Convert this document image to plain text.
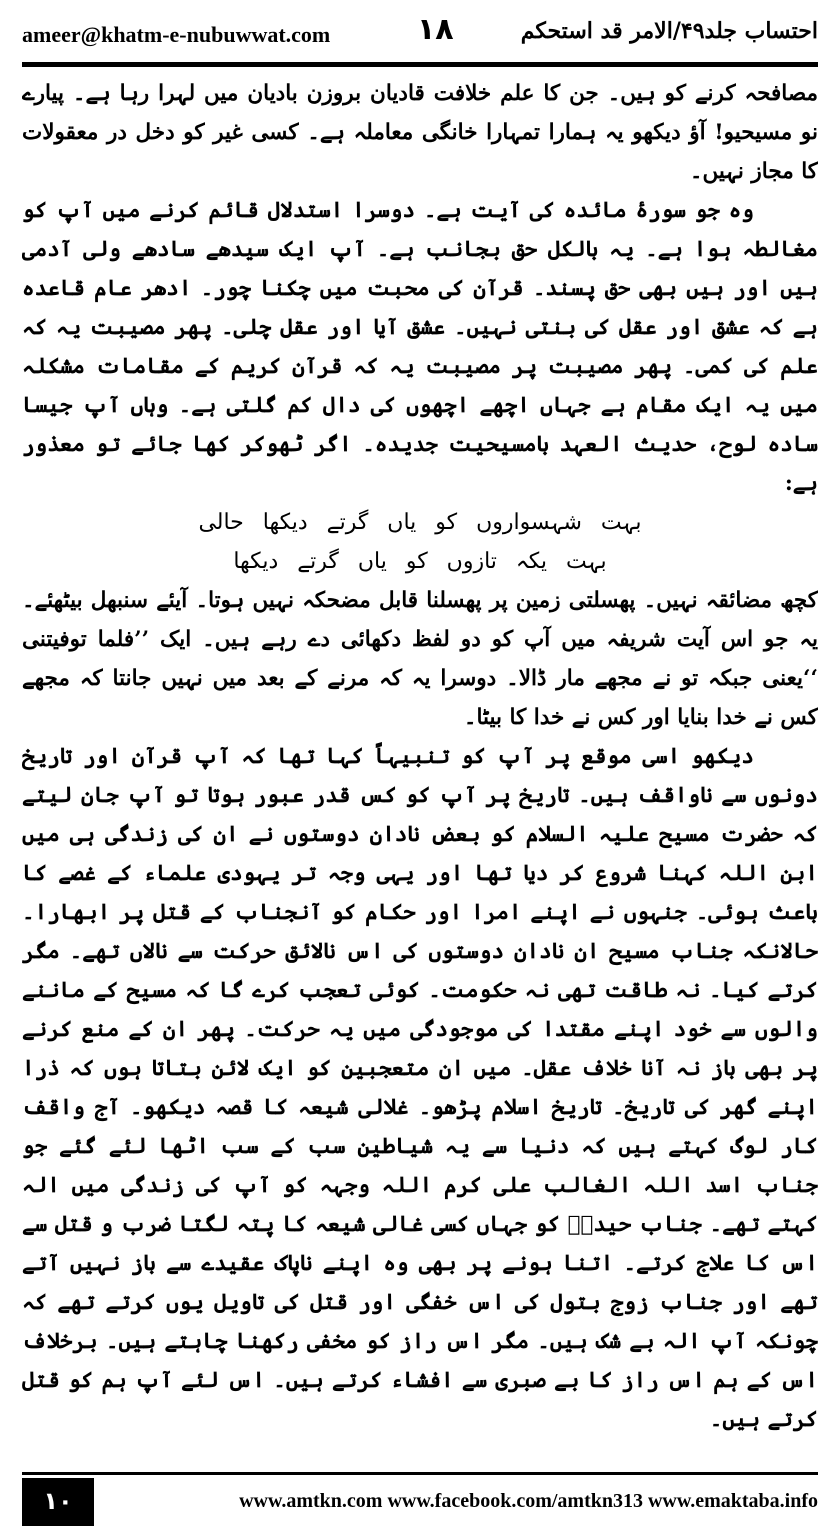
ameer@khatm-e-nubuwwat.com	۱۸	احتساب جلد۴۹/الامر قد استحکم

مصافحہ کرنے کو ہیں۔ جن کا علم خلافت قادیان بروزن بادیان میں لہرا رہا ہے۔ پیارے نو مسیحیو! آؤ دیکھو یہ ہمارا تمہارا خانگی معاملہ ہے۔ کسی غیر کو دخل در معقولات کا مجاز نہیں۔

وہ جو سورۂ مائدہ کی آیت ہے۔ دوسرا استدلال قائم کرنے میں آپ کو مغالطہ ہوا ہے۔ یہ بالکل حق بجانب ہے۔ آپ ایک سیدھے سادھے ولی آدمی ہیں اور ہیں بھی حق پسند۔ قرآن کی محبت میں چکنا چور۔ ادھر عام قاعدہ ہے کہ عشق اور عقل کی بنتی نہیں۔ عشق آیا اور عقل چلی۔ پھر مصیبت یہ کہ علم کی کمی۔ پھر مصیبت پر مصیبت یہ کہ قرآن کریم کے مقامات مشکلہ میں یہ ایک مقام ہے جہاں اچھے اچھوں کی دال کم گلتی ہے۔ وہاں آپ جیسا سادہ لوح، حدیث العہد بامسیحیت جدیدہ۔ اگر ٹھوکر کھا جائے تو معذور ہے:

بہت شہسواروں کو یاں گرتے دیکھا حالی

بہت یکہ تازوں کو یاں گرتے دیکھا

کچھ مضائقہ نہیں۔ پھسلتی زمین پر پھسلنا قابل مضحکہ نہیں ہوتا۔ آیئے سنبھل بیٹھئے۔ یہ جو اس آیت شریفہ میں آپ کو دو لفظ دکھائی دے رہے ہیں۔ ایک ’’فلما توفیتنی ‘‘یعنی جبکہ تو نے مجھے مار ڈالا۔ دوسرا یہ کہ مرنے کے بعد میں نہیں جانتا کہ مجھے کس نے خدا بنایا اور کس نے خدا کا بیٹا۔

دیکھو اسی موقع پر آپ کو تنبیہاً کہا تھا کہ آپ قرآن اور تاریخ دونوں سے ناواقف ہیں۔ تاریخ پر آپ کو کس قدر عبور ہوتا تو آپ جان لیتے کہ حضرت مسیح علیہ السلام کو بعض نادان دوستوں نے ان کی زندگی ہی میں ابن اللہ کہنا شروع کر دیا تھا اور یہی وجہ تر یہودی علماء کے غصے کا باعث ہوئی۔ جنہوں نے اپنے امرا اور حکام کو آنجناب کے قتل پر ابھارا۔ حالانکہ جناب مسیح ان نادان دوستوں کی اس نالائق حرکت سے نالاں تھے۔ مگر کرتے کیا۔ نہ طاقت تھی نہ حکومت۔ کوئی تعجب کرے گا کہ مسیح کے ماننے والوں سے خود اپنے مقتدا کی موجودگی میں یہ حرکت۔ پھر ان کے منع کرنے پر بھی باز نہ آنا خلاف عقل۔ میں ان متعجبین کو ایک لائن بتاتا ہوں کہ ذرا اپنے گھر کی تاریخ۔ تاریخ اسلام پڑھو۔ غلالی شیعہ کا قصہ دیکھو۔ آج واقف کار لوگ کہتے ہیں کہ دنیا سے یہ شیاطین سب کے سب اٹھا لئے گئے جو جناب اسد اللہ الغالب علی کرم اللہ وجہہ کو آپ کی زندگی میں الہ کہتے تھے۔ جناب حیدرؓ کو جہاں کسی غالی شیعہ کا پتہ لگتا ضرب و قتل سے اس کا علاج کرتے۔ اتنا ہونے پر بھی وہ اپنے ناپاک عقیدے سے باز نہیں آتے تھے اور جناب زوج بتول کی اس خفگی اور قتل کی تاویل یوں کرتے تھے کہ چونکہ آپ الہ بے شک ہیں۔ مگر اس راز کو مخفی رکھنا چاہتے ہیں۔ برخلاف اس کے ہم اس راز کا بے صبری سے افشاء کرتے ہیں۔ اس لئے آپ ہم کو قتل کرتے ہیں۔

۱۰	www.amtkn.com www.facebook.com/amtkn313 www.emaktaba.info
